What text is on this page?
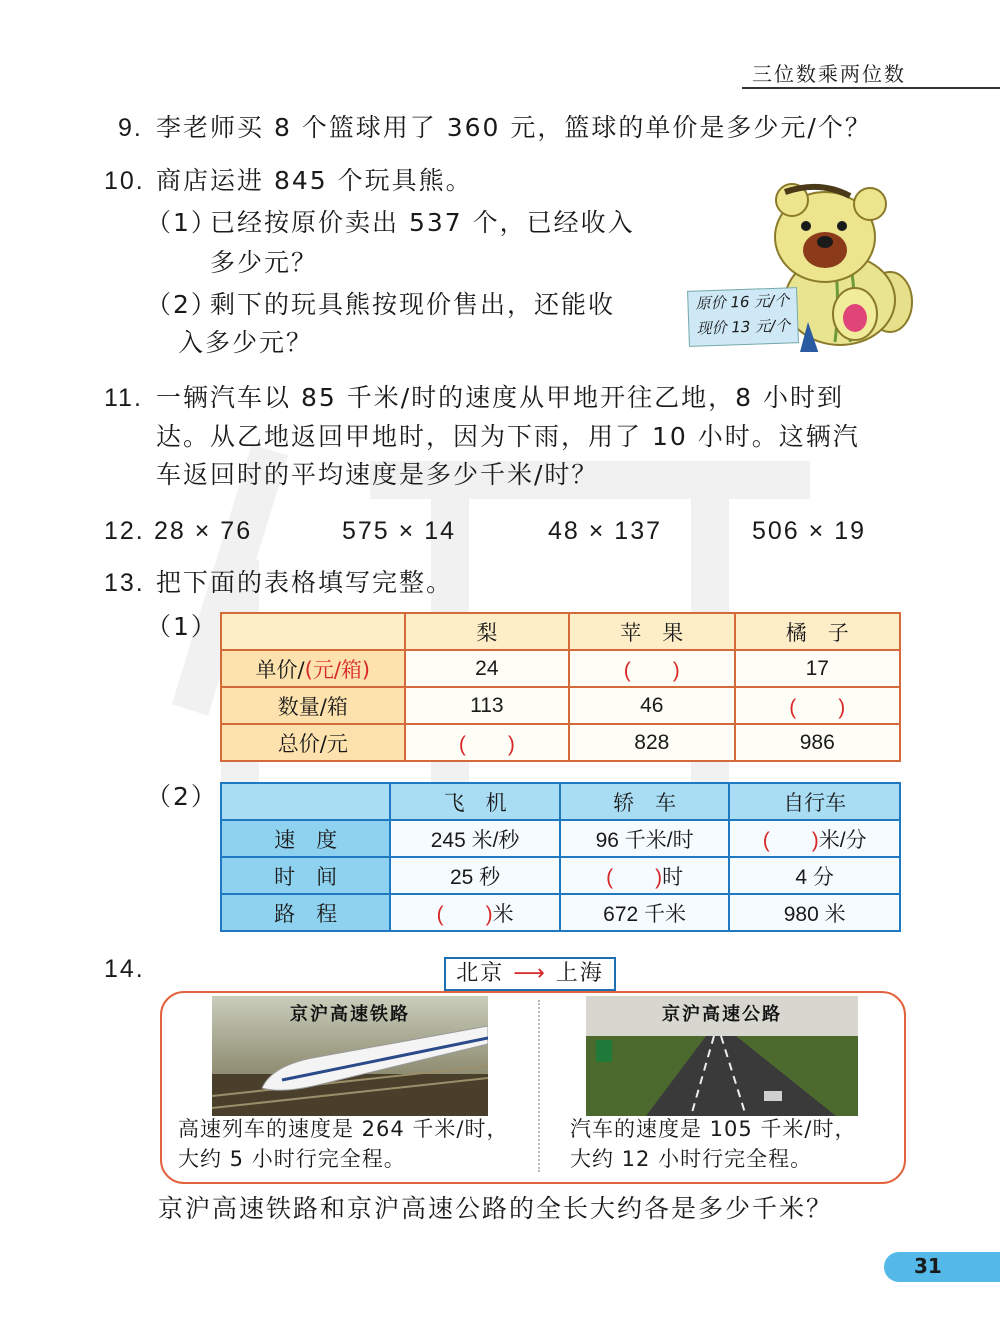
三位数乘两位数
9. 李老师买 8 个篮球用了 360 元，篮球的单价是多少元/个？
10. 商店运进 845 个玩具熊。
（1）
已经按原价卖出 537 个，已经收入
多少元？
（2）
剩下的玩具熊按现价售出，还能收
入多少元？
原价 16 元/个
现价 13 元/个
11. 一辆汽车以 85 千米/时的速度从甲地开往乙地，8 小时到
达。从乙地返回甲地时，因为下雨，用了 10 小时。这辆汽
车返回时的平均速度是多少千米/时？
12. 28 × 76	575 × 14	48 × 137	506 × 19
13. 把下面的表格填写完整。
（1）
		梨	苹　果	橘　子
单价/(元/箱)	24	(　　)	17
数量/箱	113	46	(　　)
总价/元	(　　)	828	986
（2）
		飞　机	轿　车	自行车
速　度	245 米/秒	96 千米/时	(　　)米/分
时　间	25 秒	(　　)时	4 分
路　程	(　　)米	672 千米	980 米
14.	北京 ⟶ 上海
京沪高速铁路	京沪高速公路
高速列车的速度是 264 千米/时，
大约 5 小时行完全程。
汽车的速度是 105 千米/时，
大约 12 小时行完全程。
京沪高速铁路和京沪高速公路的全长大约各是多少千米？
31
